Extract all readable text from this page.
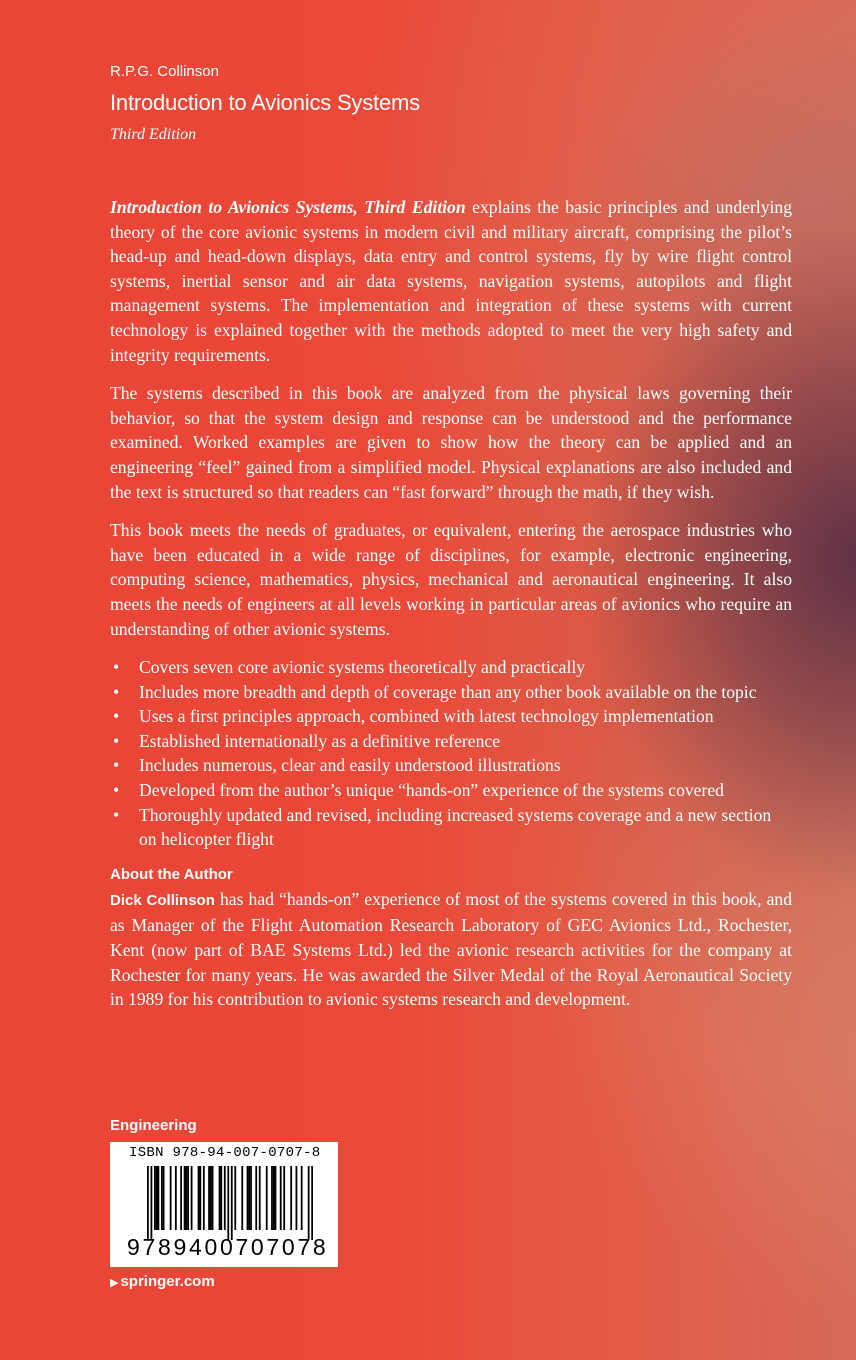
R.P.G. Collinson
Introduction to Avionics Systems
Third Edition

Introduction to Avionics Systems, Third Edition explains the basic principles and underlying theory of the core avionic systems in modern civil and military aircraft, comprising the pilot’s head-up and head-down displays, data entry and control systems, fly by wire flight control systems, inertial sensor and air data systems, navigation systems, autopilots and flight management systems. The implementation and integration of these systems with current technology is explained together with the methods adopted to meet the very high safety and integrity requirements.

The systems described in this book are analyzed from the physical laws governing their behavior, so that the system design and response can be understood and the performance examined. Worked examples are given to show how the theory can be applied and an engineering “feel” gained from a simplified model. Physical explanations are also included and the text is structured so that readers can “fast forward” through the math, if they wish.

This book meets the needs of graduates, or equivalent, entering the aerospace industries who have been educated in a wide range of disciplines, for example, electronic engineering, computing science, mathematics, physics, mechanical and aeronautical engineering. It also meets the needs of engineers at all levels working in particular areas of avionics who require an understanding of other avionic systems.

• Covers seven core avionic systems theoretically and practically
• Includes more breadth and depth of coverage than any other book available on the topic
• Uses a first principles approach, combined with latest technology implementation
• Established internationally as a definitive reference
• Includes numerous, clear and easily understood illustrations
• Developed from the author’s unique “hands-on” experience of the systems covered
• Thoroughly updated and revised, including increased systems coverage and a new section on helicopter flight
About the Author

Dick Collinson has had “hands-on” experience of most of the systems covered in this book, and as Manager of the Flight Automation Research Laboratory of GEC Avionics Ltd., Rochester, Kent (now part of BAE Systems Ltd.) led the avionic research activities for the company at Rochester for many years. He was awarded the Silver Medal of the Royal Aeronautical Society in 1989 for his contribution to avionic systems research and development.

Engineering
ISBN 978-94-007-0707-8
9789400707078
▶ springer.com
